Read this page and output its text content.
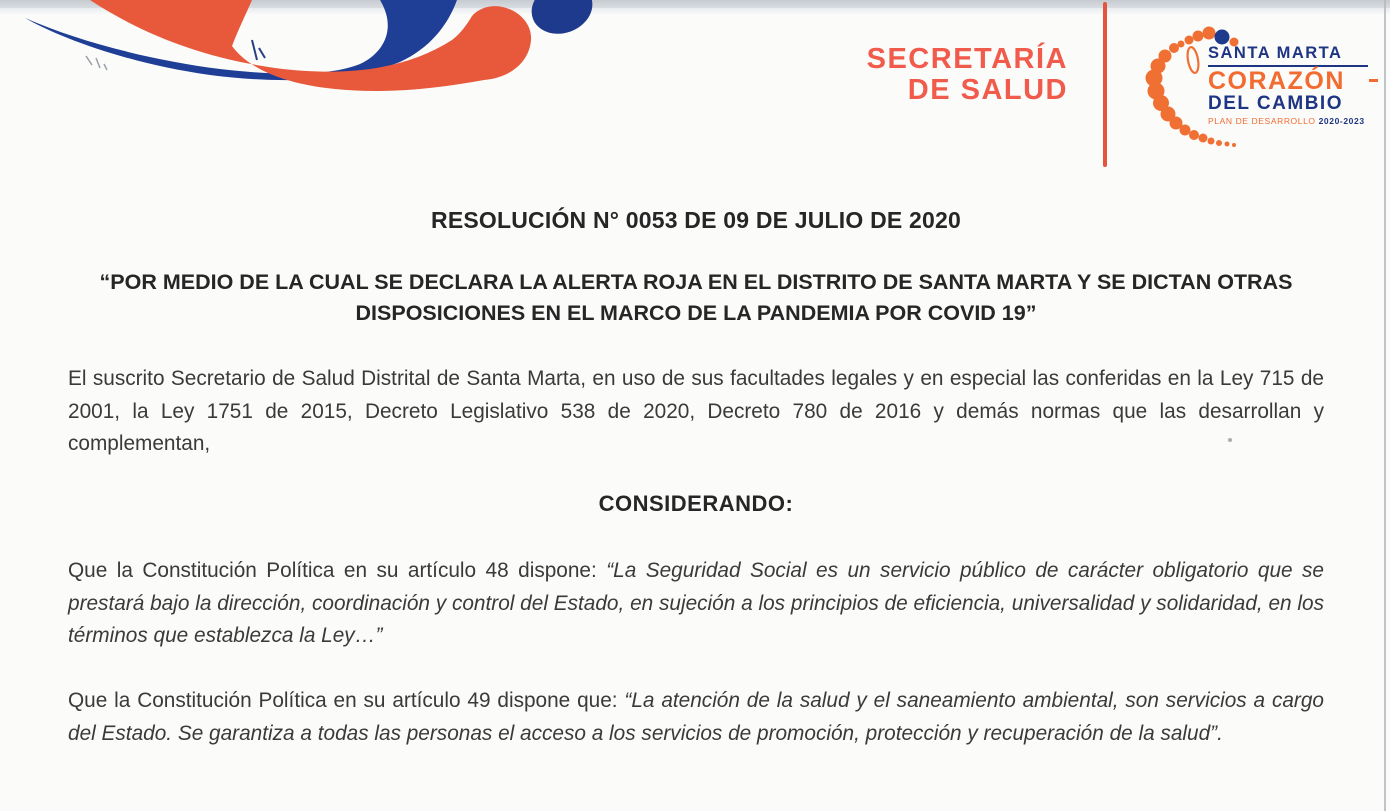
SECRETARÍA
DE SALUD
SANTA MARTA
CORAZÓN
DEL CAMBIO
PLAN DE DESARROLLO 2020-2023
RESOLUCIÓN N° 0053 DE 09 DE JULIO DE 2020
“POR MEDIO DE LA CUAL SE DECLARA LA ALERTA ROJA EN EL DISTRITO DE SANTA MARTA Y SE DICTAN OTRAS DISPOSICIONES EN EL MARCO DE LA PANDEMIA POR COVID 19”
El suscrito Secretario de Salud Distrital de Santa Marta, en uso de sus facultades legales y en especial las conferidas en la Ley 715 de 2001, la Ley 1751 de 2015, Decreto Legislativo 538 de 2020, Decreto 780 de 2016 y demás normas que las desarrollan y complementan,
CONSIDERANDO:
Que la Constitución Política en su artículo 48 dispone: “La Seguridad Social es un servicio público de carácter obligatorio que se prestará bajo la dirección, coordinación y control del Estado, en sujeción a los principios de eficiencia, universalidad y solidaridad, en los términos que establezca la Ley…”
Que la Constitución Política en su artículo 49 dispone que: “La atención de la salud y el saneamiento ambiental, son servicios a cargo del Estado. Se garantiza a todas las personas el acceso a los servicios de promoción, protección y recuperación de la salud”.
